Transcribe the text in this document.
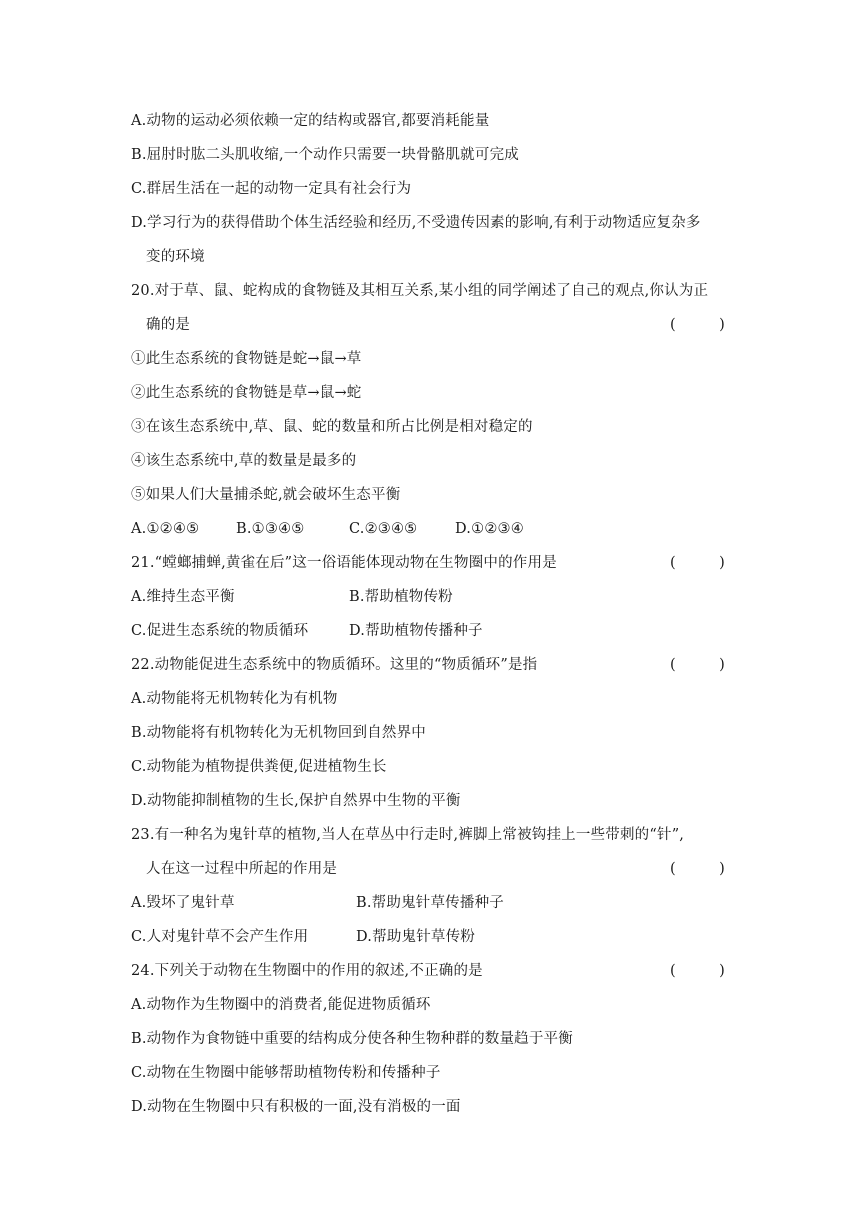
A.动物的运动必须依赖一定的结构或器官,都要消耗能量
B.屈肘时肱二头肌收缩,一个动作只需要一块骨骼肌就可完成
C.群居生活在一起的动物一定具有社会行为
D.学习行为的获得借助个体生活经验和经历,不受遗传因素的影响,有利于动物适应复杂多
变的环境
20.对于草、鼠、蛇构成的食物链及其相互关系,某小组的同学阐述了自己的观点,你认为正
确的是	(　　　)
①此生态系统的食物链是蛇→鼠→草
②此生态系统的食物链是草→鼠→蛇
③在该生态系统中,草、鼠、蛇的数量和所占比例是相对稳定的
④该生态系统中,草的数量是最多的
⑤如果人们大量捕杀蛇,就会破坏生态平衡
A.①②④⑤	B.①③④⑤	C.②③④⑤	D.①②③④
21.“螳螂捕蝉,黄雀在后”这一俗语能体现动物在生物圈中的作用是	(　　　)
A.维持生态平衡	B.帮助植物传粉
C.促进生态系统的物质循环	D.帮助植物传播种子
22.动物能促进生态系统中的物质循环。这里的“物质循环”是指	(　　　)
A.动物能将无机物转化为有机物
B.动物能将有机物转化为无机物回到自然界中
C.动物能为植物提供粪便,促进植物生长
D.动物能抑制植物的生长,保护自然界中生物的平衡
23.有一种名为鬼针草的植物,当人在草丛中行走时,裤脚上常被钩挂上一些带刺的“针”,
人在这一过程中所起的作用是	(　　　)
A.毁坏了鬼针草	B.帮助鬼针草传播种子
C.人对鬼针草不会产生作用	D.帮助鬼针草传粉
24.下列关于动物在生物圈中的作用的叙述,不正确的是	(　　　)
A.动物作为生物圈中的消费者,能促进物质循环
B.动物作为食物链中重要的结构成分使各种生物种群的数量趋于平衡
C.动物在生物圈中能够帮助植物传粉和传播种子
D.动物在生物圈中只有积极的一面,没有消极的一面
